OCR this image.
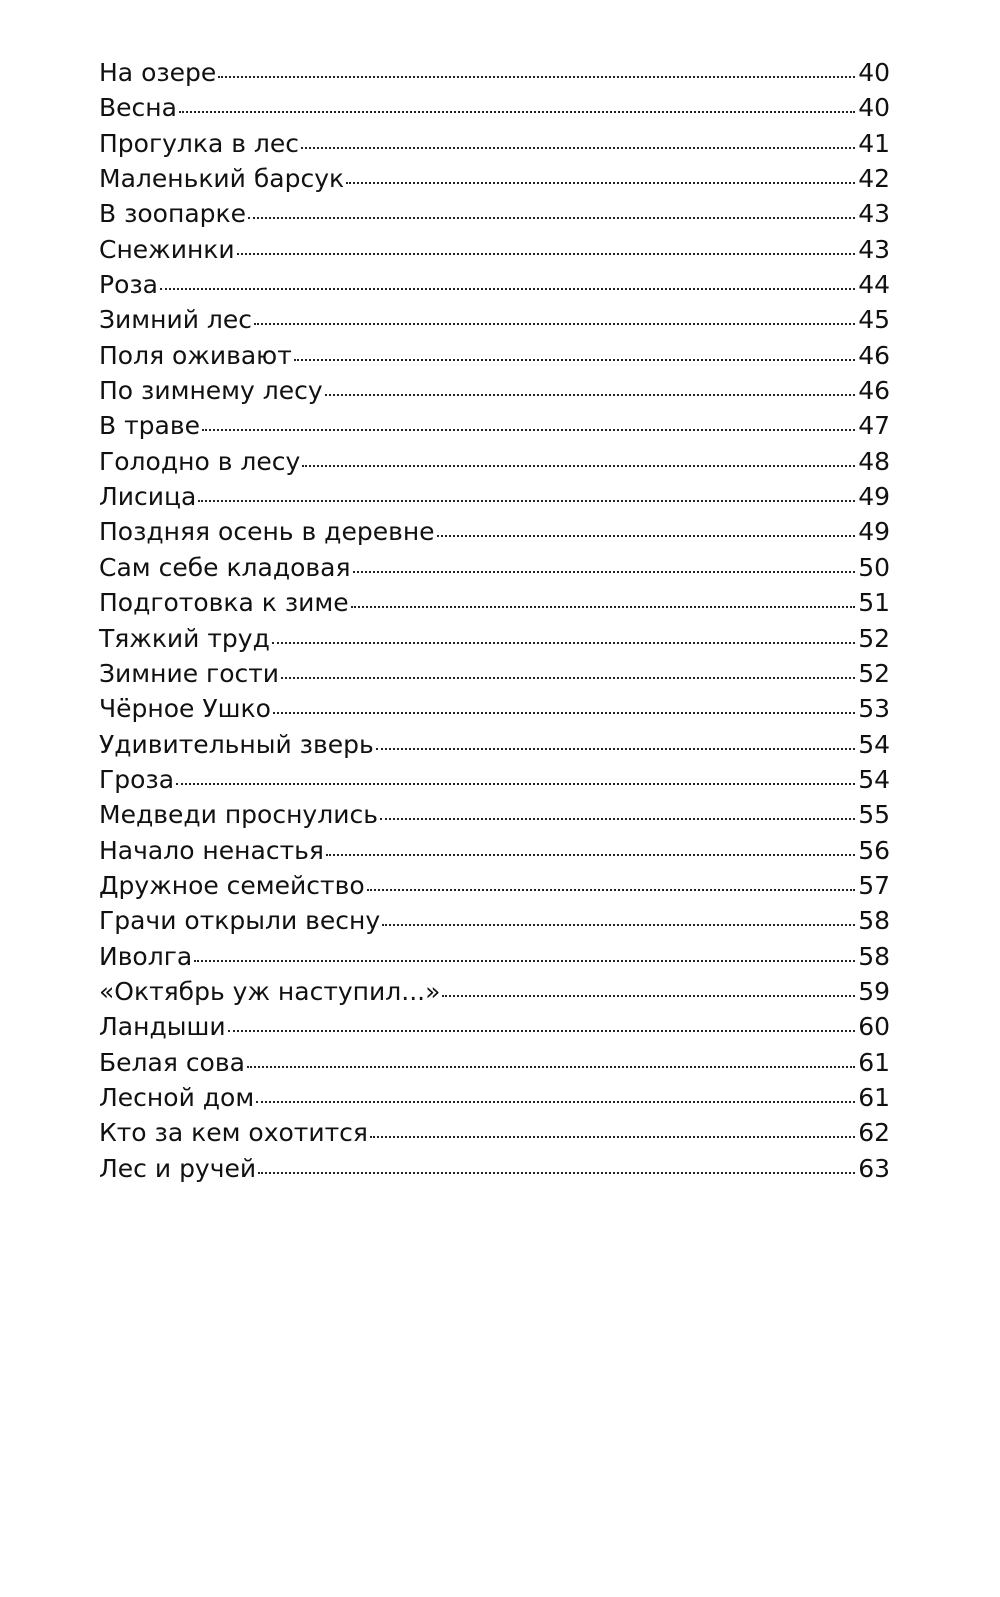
На озере	40
Весна	40
Прогулка в лес	41
Маленький барсук	42
В зоопарке	43
Снежинки	43
Роза	44
Зимний лес	45
Поля оживают	46
По зимнему лесу	46
В траве	47
Голодно в лесу	48
Лисица	49
Поздняя осень в деревне	49
Сам себе кладовая	50
Подготовка к зиме	51
Тяжкий труд	52
Зимние гости	52
Чёрное Ушко	53
Удивительный зверь	54
Гроза	54
Медведи проснулись	55
Начало ненастья	56
Дружное семейство	57
Грачи открыли весну	58
Иволга	58
«Октябрь уж наступил...»	59
Ландыши	60
Белая сова	61
Лесной дом	61
Кто за кем охотится	62
Лес и ручей	63
